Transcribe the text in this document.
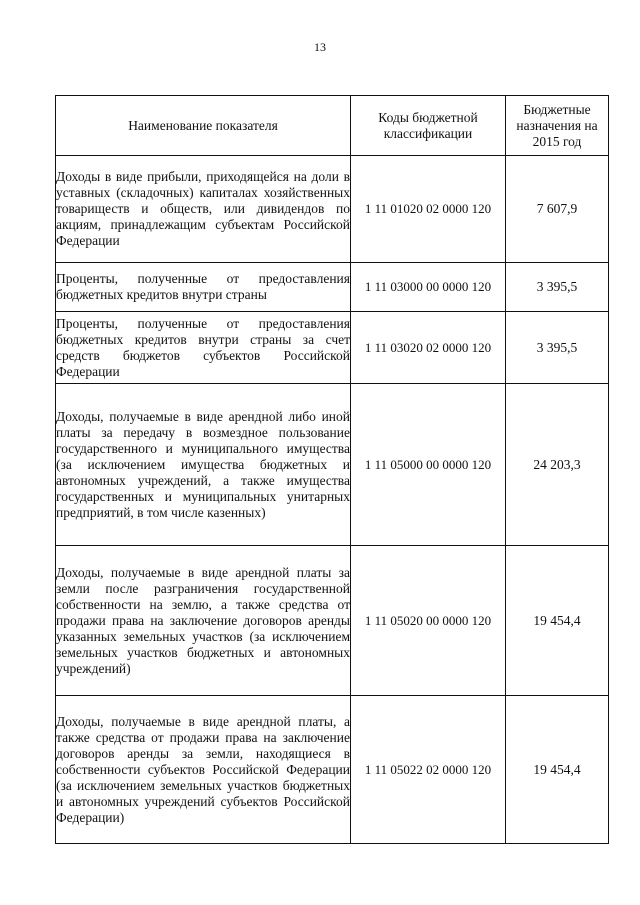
13
Наименование показателя	Коды бюджетной классификации	Бюджетные назначения на 2015 год
Доходы в виде прибыли, приходящейся на доли в уставных (складочных) капиталах хозяйственных товариществ и обществ, или дивидендов по акциям, принадлежащим субъектам Российской Федерации	1 11 01020 02 0000 120	7 607,9
Проценты, полученные от предоставления бюджетных кредитов внутри страны	1 11 03000 00 0000 120	3 395,5
Проценты, полученные от предоставления бюджетных кредитов внутри страны за счет средств бюджетов субъектов Российской Федерации	1 11 03020 02 0000 120	3 395,5
Доходы, получаемые в виде арендной либо иной платы за передачу в возмездное пользование государственного и муниципального имущества (за исключением имущества бюджетных и автономных учреждений, а также имущества государственных и муниципальных унитарных предприятий, в том числе казенных)	1 11 05000 00 0000 120	24 203,3
Доходы, получаемые в виде арендной платы за земли после разграничения государственной собственности на землю, а также средства от продажи права на заключение договоров аренды указанных земельных участков (за исключением земельных участков бюджетных и автономных учреждений)	1 11 05020 00 0000 120	19 454,4
Доходы, получаемые в виде арендной платы, а также средства от продажи права на заключение договоров аренды за земли, находящиеся в собственности субъектов Российской Федерации (за исключением земельных участков бюджетных и автономных учреждений субъектов Российской Федерации)	1 11 05022 02 0000 120	19 454,4
